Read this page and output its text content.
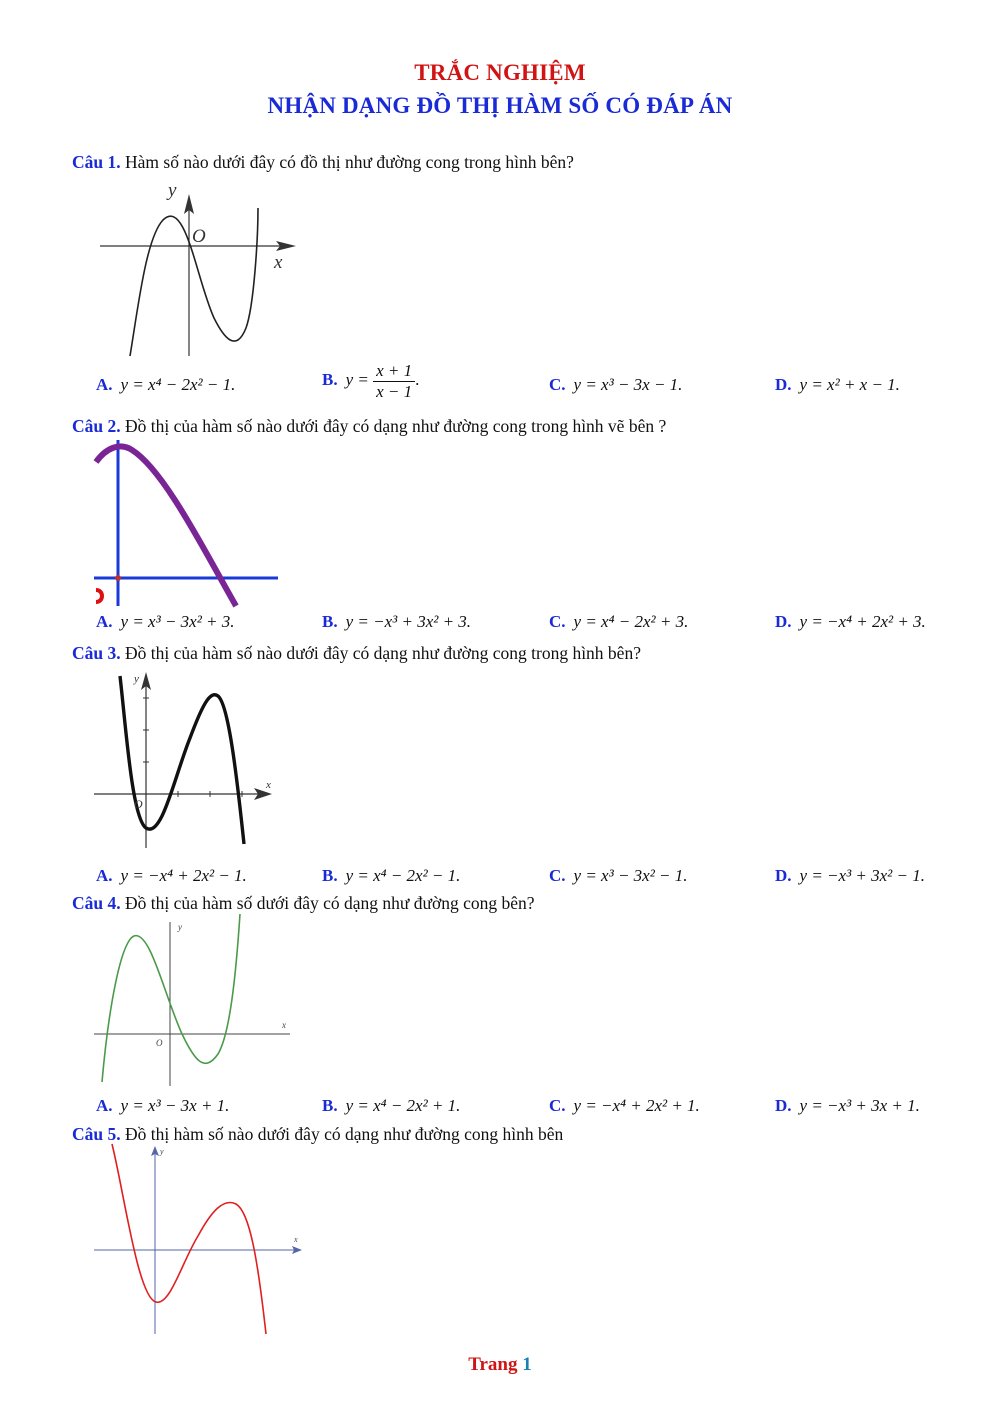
TRẮC NGHIỆM
NHẬN DẠNG ĐỒ THỊ HÀM SỐ CÓ ĐÁP ÁN
Câu 1. Hàm số nào dưới đây có đồ thị như đường cong trong hình bên?
y
x
O
A. y = x⁴ − 2x² − 1.	B. $y = \frac{x + 1}{x - 1}$ .	C. y = x³ − 3x − 1.	D. y = x² + x − 1.
Câu 2. Đồ thị của hàm số nào dưới đây có dạng như đường cong trong hình vẽ bên ?
A. y = x³ − 3x² + 3.	B. y = −x³ + 3x² + 3.	C. y = x⁴ − 2x² + 3.	D. y = −x⁴ + 2x² + 3.
Câu 3. Đồ thị của hàm số nào dưới đây có dạng như đường cong trong hình bên?
y
x
O
A. y = −x⁴ + 2x² − 1.	B. y = x⁴ − 2x² − 1.	C. y = x³ − 3x² − 1.	D. y = −x³ + 3x² − 1.
Câu 4. Đồ thị của hàm số dưới đây có dạng như đường cong bên?
y
x
O
A. y = x³ − 3x + 1.	B. y = x⁴ − 2x² + 1.	C. y = −x⁴ + 2x² + 1.	D. y = −x³ + 3x + 1.
Câu 5. Đồ thị hàm số nào dưới đây có dạng như đường cong hình bên
y
x
Trang 1
